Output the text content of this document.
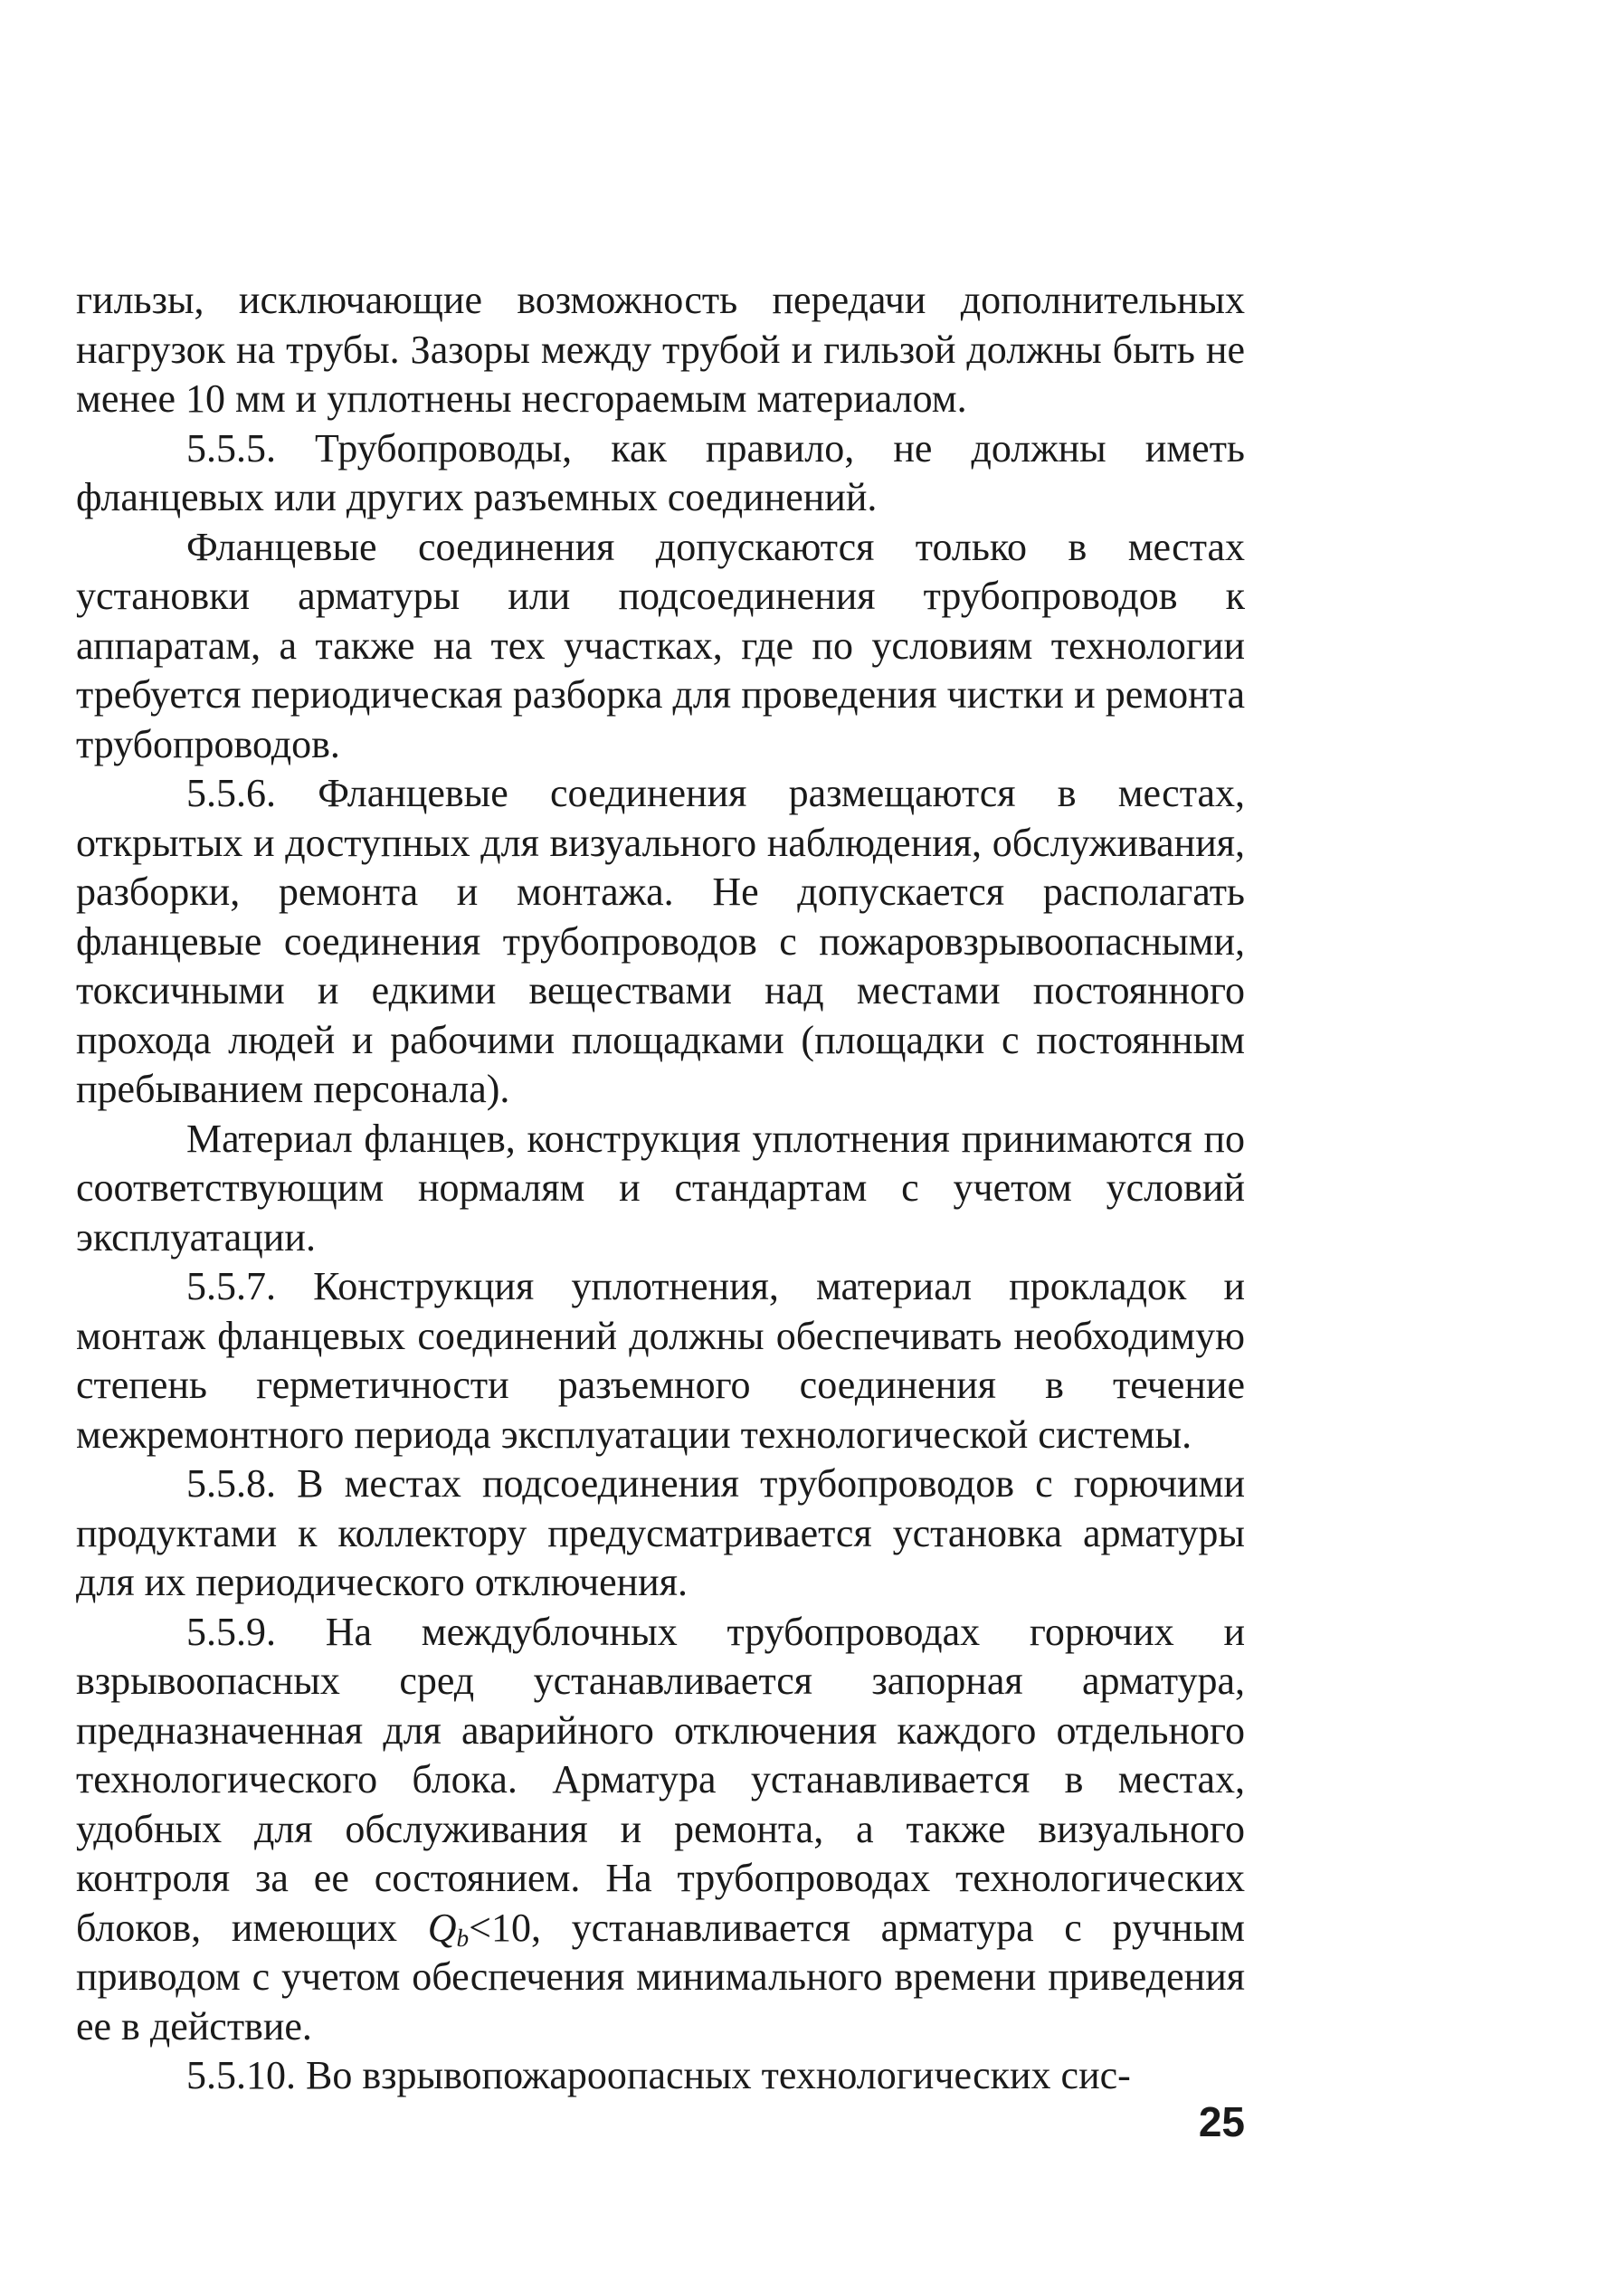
гильзы, исключающие возможность передачи дополнительных нагрузок на трубы. Зазоры между трубой и гильзой должны быть не менее 10 мм и уплотнены несгораемым материалом.

5.5.5. Трубопроводы, как правило, не должны иметь фланцевых или других разъемных соединений.

Фланцевые соединения допускаются только в местах установки арматуры или подсоединения трубопроводов к аппаратам, а также на тех участках, где по условиям технологии требуется периодическая разборка для проведения чистки и ремонта трубопроводов.

5.5.6. Фланцевые соединения размещаются в местах, открытых и доступных для визуального наблюдения, обслуживания, разборки, ремонта и монтажа. Не допускается располагать фланцевые соединения трубопроводов с пожаровзрывоопасными, токсичными и едкими веществами над местами постоянного прохода людей и рабочими площадками (площадки с постоянным пребыванием персонала).

Материал фланцев, конструкция уплотнения принимаются по соответствующим нормалям и стандартам с учетом условий эксплуатации.

5.5.7. Конструкция уплотнения, материал прокладок и монтаж фланцевых соединений должны обеспечивать необходимую степень герметичности разъемного соединения в течение межремонтного периода эксплуатации технологической системы.

5.5.8. В местах подсоединения трубопроводов с горючими продуктами к коллектору предусматривается установка арматуры для их периодического отключения.

5.5.9. На междублочных трубопроводах горючих и взрывоопасных сред устанавливается запорная арматура, предназначенная для аварийного отключения каждого отдельного технологического блока. Арматура устанавливается в местах, удобных для обслуживания и ремонта, а также визуального контроля за ее состоянием. На трубопроводах технологических блоков, имеющих $Q_b<10$, устанавливается арматура с ручным приводом с учетом обеспечения минимального времени приведения ее в действие.

5.5.10. Во взрывопожароопасных технологических сис-

25
